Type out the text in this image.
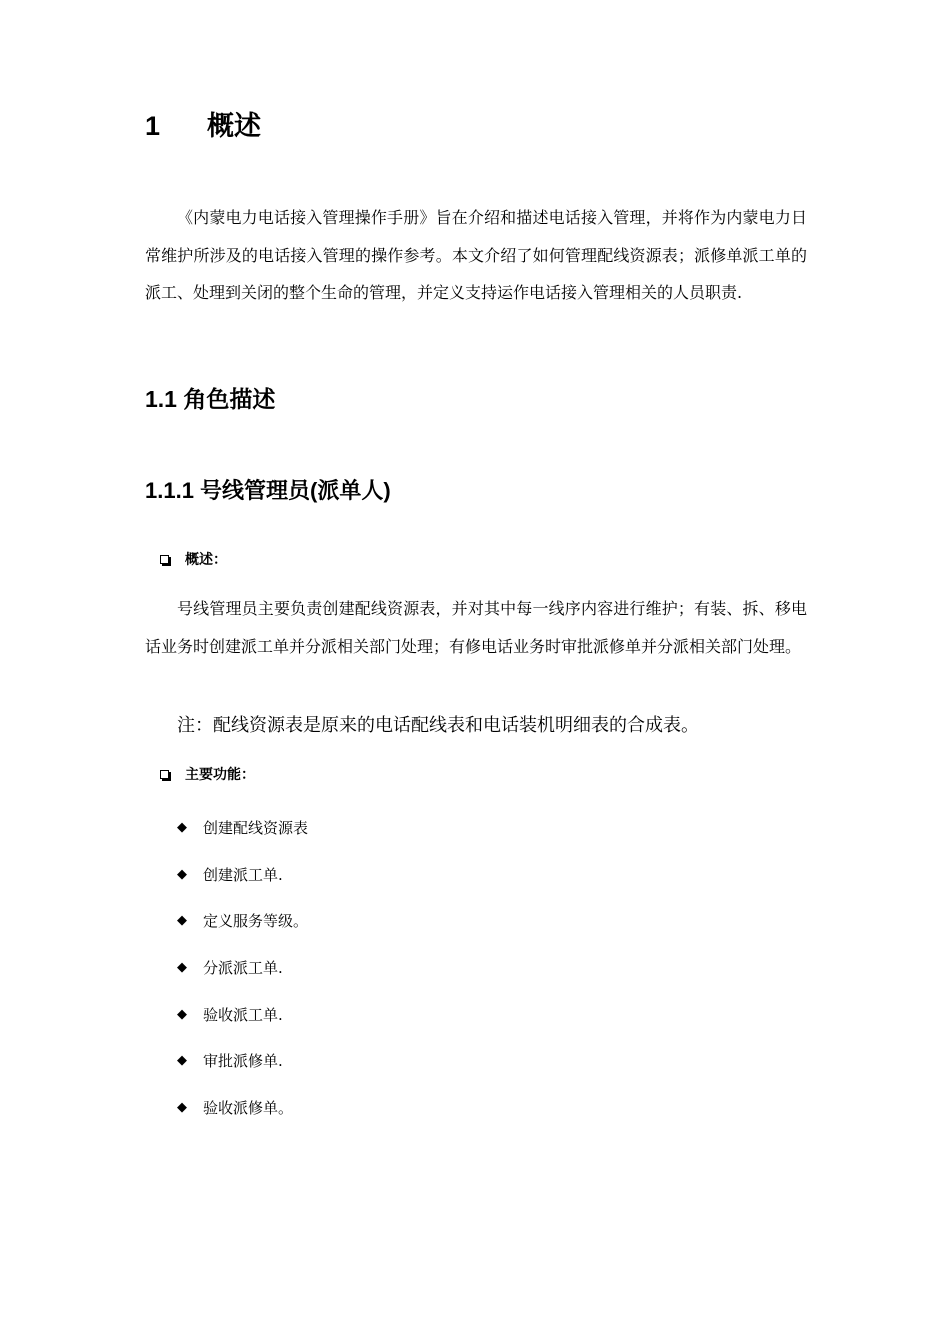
1 概述

《内蒙电力电话接入管理操作手册》旨在介绍和描述电话接入管理，并将作为内蒙电力日常维护所涉及的电话接入管理的操作参考。本文介绍了如何管理配线资源表；派修单派工单的派工、处理到关闭的整个生命的管理，并定义支持运作电话接入管理相关的人员职责.

1.1 角色描述
1.1.1 号线管理员(派单人)
概述：

号线管理员主要负责创建配线资源表，并对其中每一线序内容进行维护；有装、拆、移电话业务时创建派工单并分派相关部门处理；有修电话业务时审批派修单并分派相关部门处理。

注：配线资源表是原来的电话配线表和电话装机明细表的合成表。
主要功能：
◆ 创建配线资源表
◆ 创建派工单.
◆ 定义服务等级。
◆ 分派派工单.
◆ 验收派工单.
◆ 审批派修单.
◆ 验收派修单。
